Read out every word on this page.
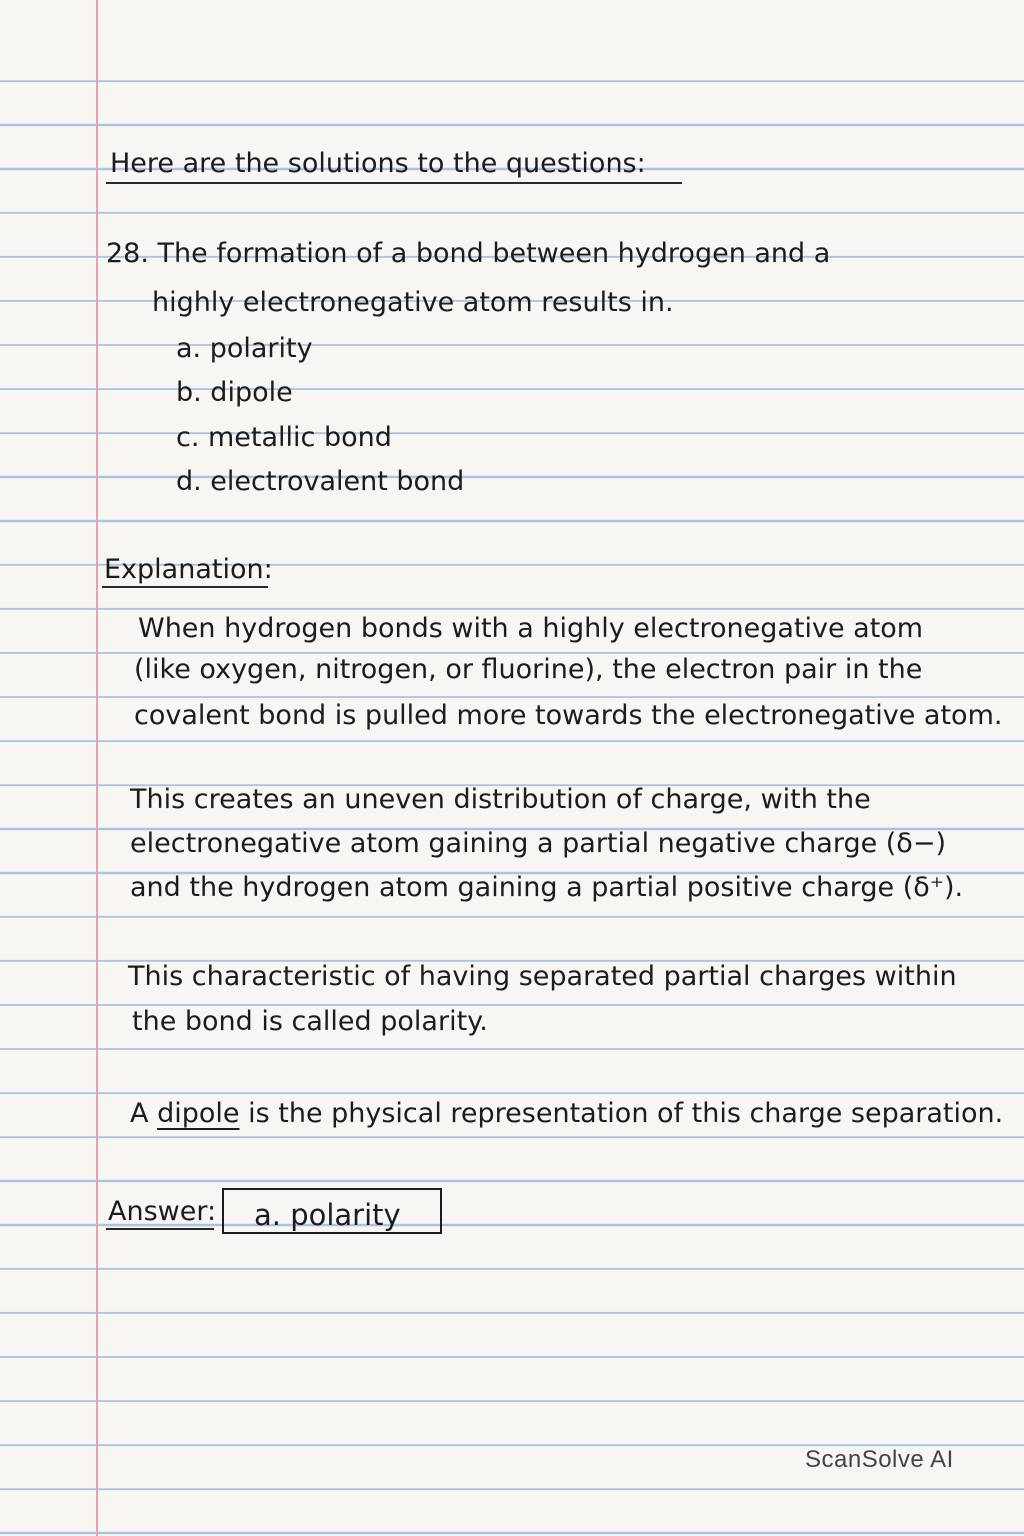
Here are the solutions to the questions:
28. The formation of a bond between hydrogen and a
highly electronegative atom results in.
a. polarity
b. dipole
c. metallic bond
d. electrovalent bond
Explanation:
When hydrogen bonds with a highly electronegative atom
(like oxygen, nitrogen, or fluorine), the electron pair in the
covalent bond is pulled more towards the electronegative atom.
This creates an uneven distribution of charge, with the
electronegative atom gaining a partial negative charge (δ−)
and the hydrogen atom gaining a partial positive charge (δ⁺).
This characteristic of having separated partial charges within
the bond is called polarity.
A dipole is the physical representation of this charge separation.
Answer: a. polarity
ScanSolve AI
